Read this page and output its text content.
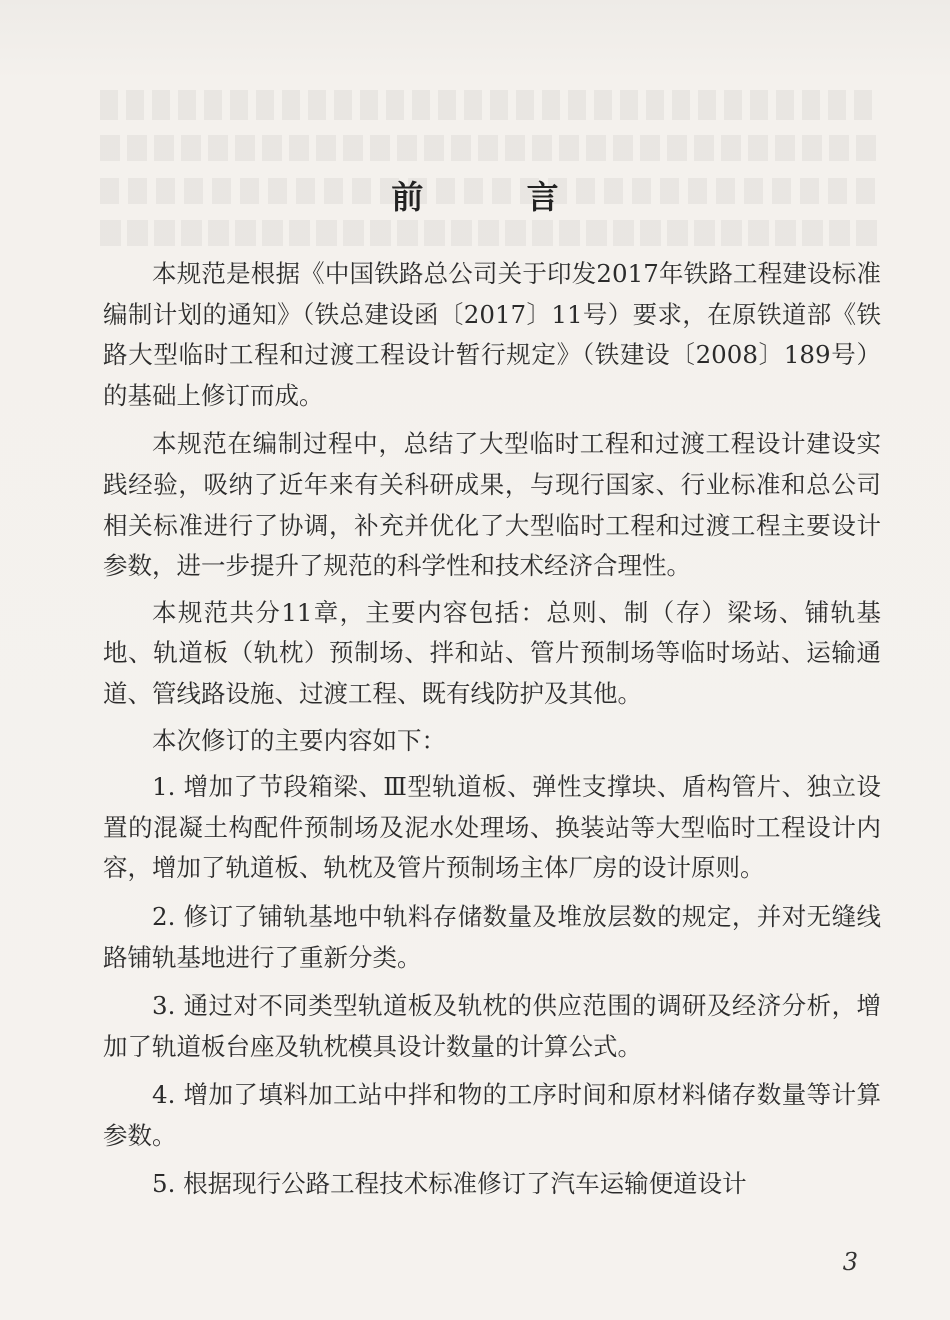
前 言

本规范是根据《中国铁路总公司关于印发2017年铁路工程建设标准编制计划的通知》（铁总建设函〔2017〕11号）要求，在原铁道部《铁路大型临时工程和过渡工程设计暂行规定》（铁建设〔2008〕189号）的基础上修订而成。

本规范在编制过程中，总结了大型临时工程和过渡工程设计建设实践经验，吸纳了近年来有关科研成果，与现行国家、行业标准和总公司相关标准进行了协调，补充并优化了大型临时工程和过渡工程主要设计参数，进一步提升了规范的科学性和技术经济合理性。

本规范共分11章，主要内容包括：总则、制（存）梁场、铺轨基地、轨道板（轨枕）预制场、拌和站、管片预制场等临时场站、运输通道、管线路设施、过渡工程、既有线防护及其他。

本次修订的主要内容如下：

1. 增加了节段箱梁、Ⅲ型轨道板、弹性支撑块、盾构管片、独立设置的混凝土构配件预制场及泥水处理场、换装站等大型临时工程设计内容，增加了轨道板、轨枕及管片预制场主体厂房的设计原则。

2. 修订了铺轨基地中轨料存储数量及堆放层数的规定，并对无缝线路铺轨基地进行了重新分类。

3. 通过对不同类型轨道板及轨枕的供应范围的调研及经济分析，增加了轨道板台座及轨枕模具设计数量的计算公式。

4. 增加了填料加工站中拌和物的工序时间和原材料储存数量等计算参数。

5. 根据现行公路工程技术标准修订了汽车运输便道设计

3
